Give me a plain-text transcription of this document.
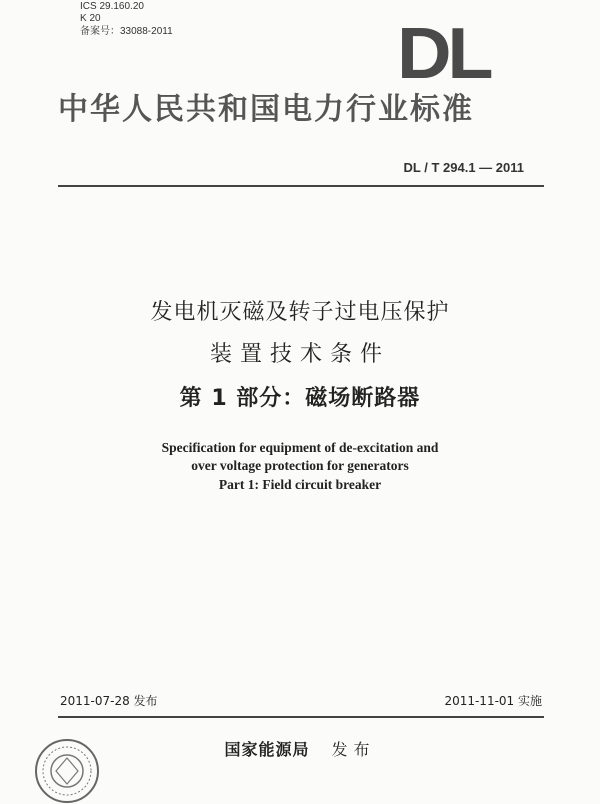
ICS 29.160.20
K 20
备案号：33088-2011	DL
中华人民共和国电力行业标准
DL / T 294.1 — 2011
发电机灭磁及转子过电压保护
装置技术条件
第 1 部分：磁场断路器
Specification for equipment of de-excitation and
over voltage protection for generators
Part 1: Field circuit breaker
2011-07-28 发布	2011-11-01 实施
国家能源局 发布
